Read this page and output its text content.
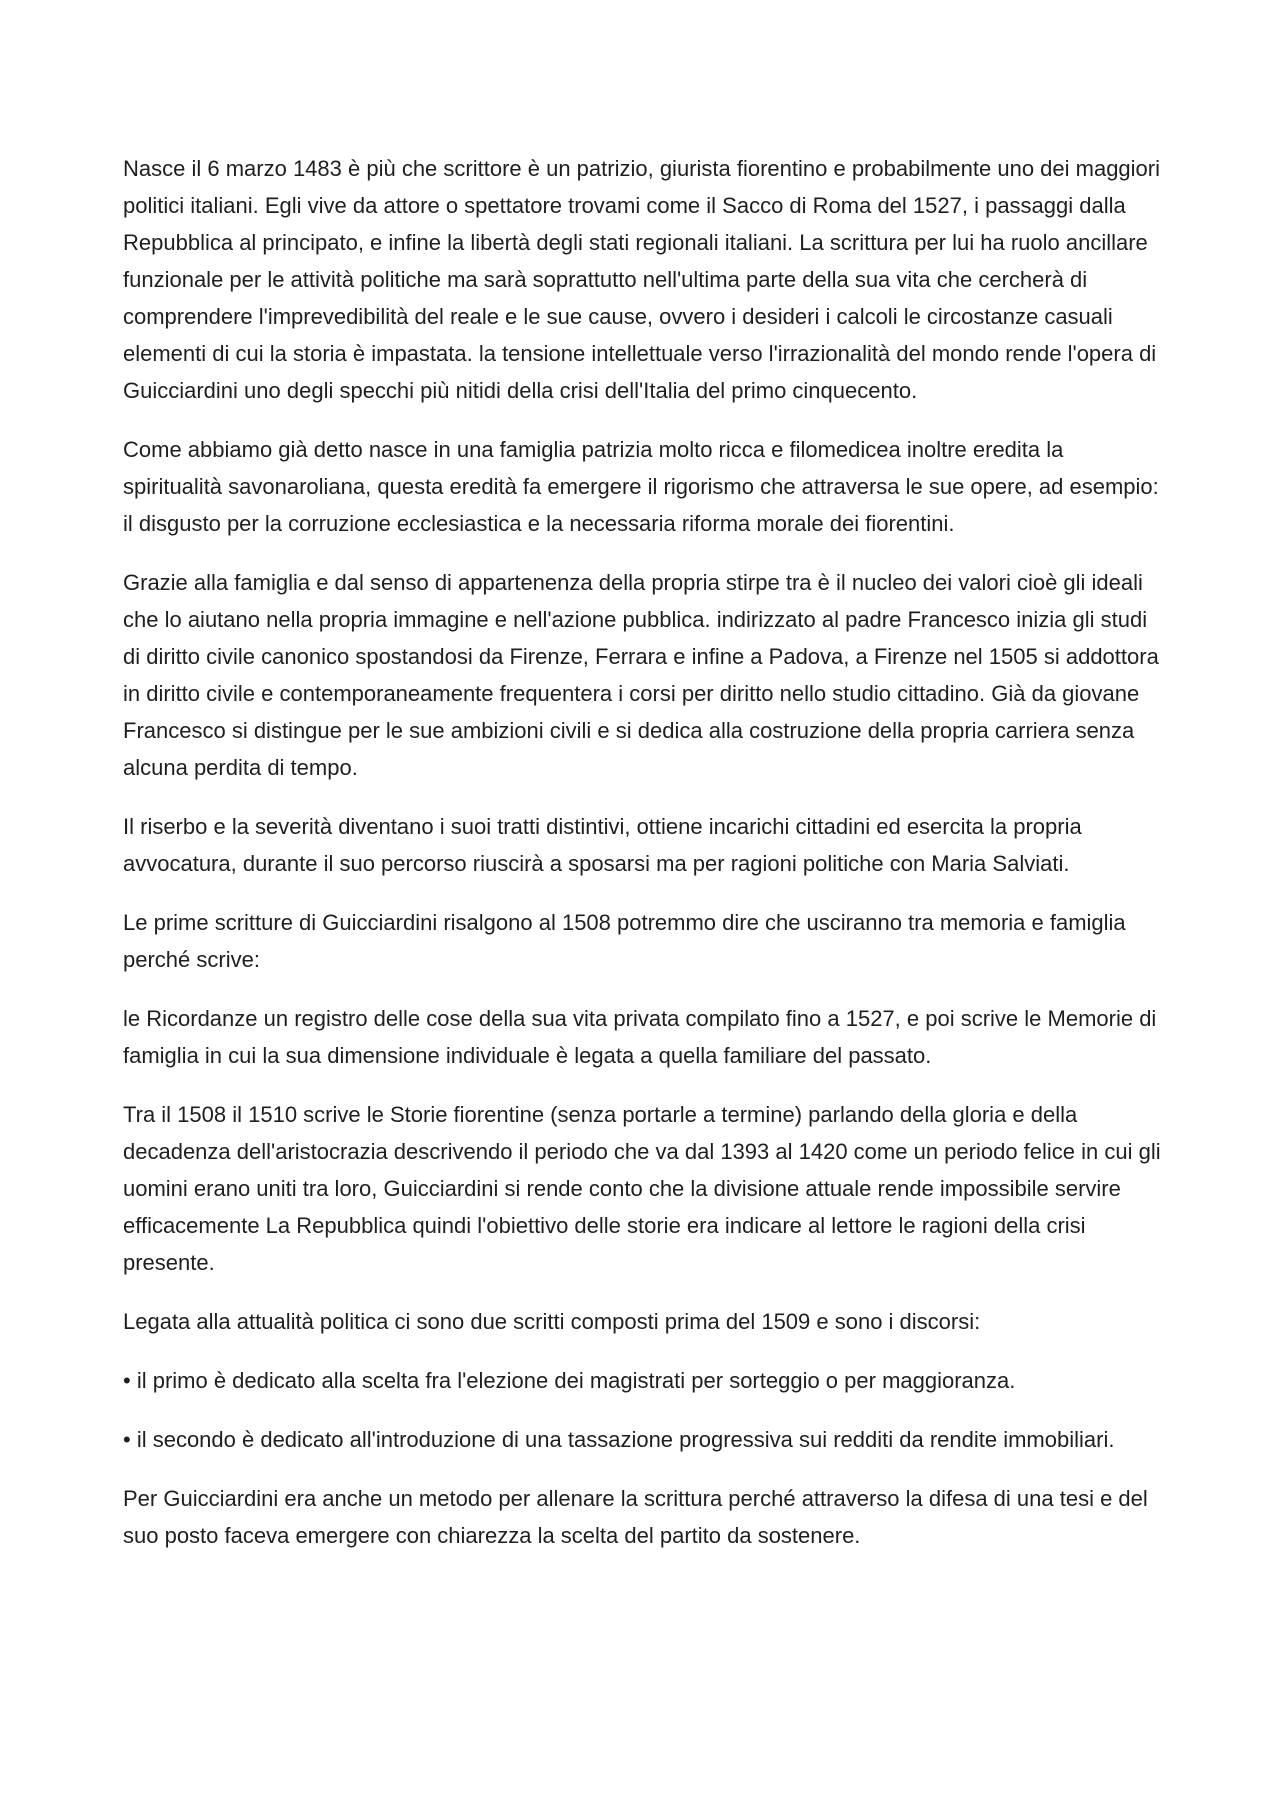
Nasce il 6 marzo 1483 è più che scrittore è un patrizio, giurista fiorentino e probabilmente uno dei maggiori politici italiani. Egli vive da attore o spettatore trovami come il Sacco di Roma del 1527, i passaggi dalla Repubblica al principato, e infine la libertà degli stati regionali italiani. La scrittura per lui ha ruolo ancillare funzionale per le attività politiche ma sarà soprattutto nell'ultima parte della sua vita che cercherà di comprendere l'imprevedibilità del reale e le sue cause, ovvero i desideri i calcoli le circostanze casuali elementi di cui la storia è impastata. la tensione intellettuale verso l'irrazionalità del mondo rende l'opera di Guicciardini uno degli specchi più nitidi della crisi dell'Italia del primo cinquecento.

Come abbiamo già detto nasce in una famiglia patrizia molto ricca e filomedicea inoltre eredita la spiritualità savonaroliana, questa eredità fa emergere il rigorismo che attraversa le sue opere, ad esempio: il disgusto per la corruzione ecclesiastica e la necessaria riforma morale dei fiorentini.

Grazie alla famiglia e dal senso di appartenenza della propria stirpe tra è il nucleo dei valori cioè gli ideali che lo aiutano nella propria immagine e nell'azione pubblica. indirizzato al padre Francesco inizia gli studi di diritto civile canonico spostandosi da Firenze, Ferrara e infine a Padova, a Firenze nel 1505 si addottora in diritto civile e contemporaneamente frequentera i corsi per diritto nello studio cittadino. Già da giovane Francesco si distingue per le sue ambizioni civili e si dedica alla costruzione della propria carriera senza alcuna perdita di tempo.

Il riserbo e la severità diventano i suoi tratti distintivi, ottiene incarichi cittadini ed esercita la propria avvocatura, durante il suo percorso riuscirà a sposarsi ma per ragioni politiche con Maria Salviati.

Le prime scritture di Guicciardini risalgono al 1508 potremmo dire che usciranno tra memoria e famiglia perché scrive:

le Ricordanze un registro delle cose della sua vita privata compilato fino a 1527, e poi scrive le Memorie di famiglia in cui la sua dimensione individuale è legata a quella familiare del passato.

Tra il 1508 il 1510 scrive le Storie fiorentine (senza portarle a termine) parlando della gloria e della decadenza dell'aristocrazia descrivendo il periodo che va dal 1393 al 1420 come un periodo felice in cui gli uomini erano uniti tra loro, Guicciardini si rende conto che la divisione attuale rende impossibile servire efficacemente La Repubblica quindi l'obiettivo delle storie era indicare al lettore le ragioni della crisi presente.

Legata alla attualità politica ci sono due scritti composti prima del 1509 e sono i discorsi:

• il primo è dedicato alla scelta fra l'elezione dei magistrati per sorteggio o per maggioranza.

• il secondo è dedicato all'introduzione di una tassazione progressiva sui redditi da rendite immobiliari.

Per Guicciardini era anche un metodo per allenare la scrittura perché attraverso la difesa di una tesi e del suo posto faceva emergere con chiarezza la scelta del partito da sostenere.
